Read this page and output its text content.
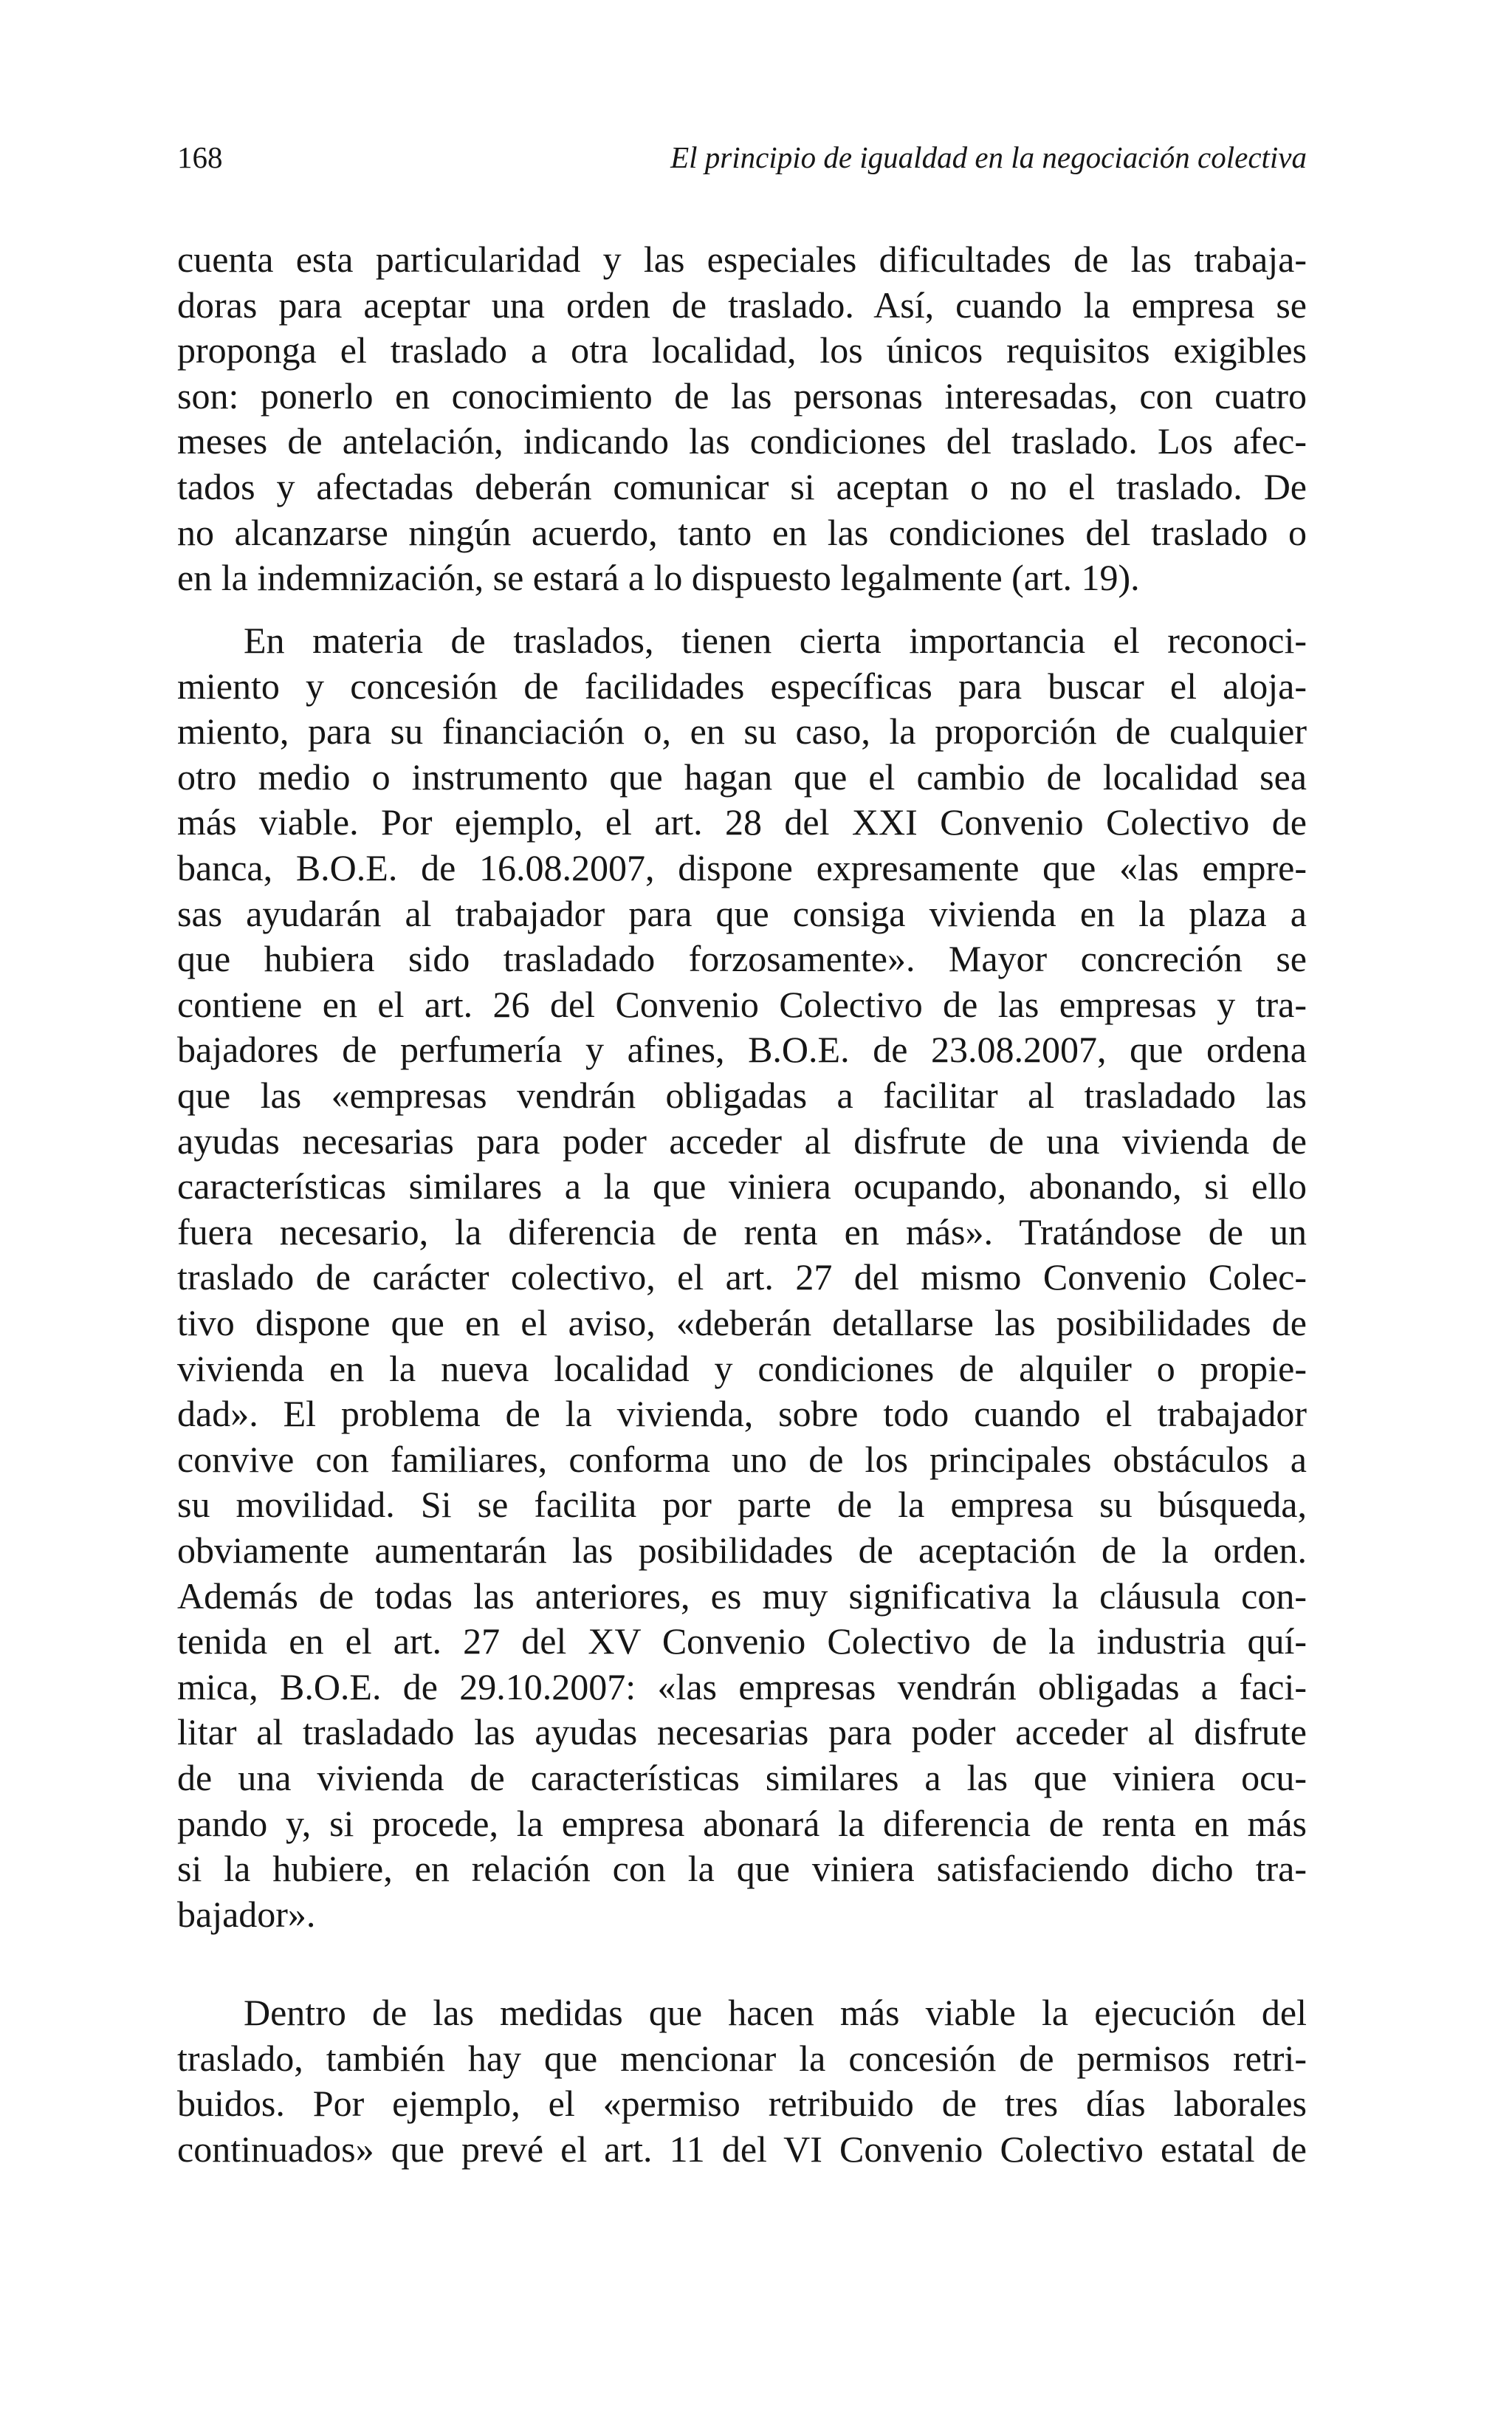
168	El principio de igualdad en la negociación colectiva
cuenta esta particularidad y las especiales dificultades de las trabaja-
doras para aceptar una orden de traslado. Así, cuando la empresa se
proponga el traslado a otra localidad, los únicos requisitos exigibles
son: ponerlo en conocimiento de las personas interesadas, con cuatro
meses de antelación, indicando las condiciones del traslado. Los afec-
tados y afectadas deberán comunicar si aceptan o no el traslado. De
no alcanzarse ningún acuerdo, tanto en las condiciones del traslado o
en la indemnización, se estará a lo dispuesto legalmente (art. 19).
En materia de traslados, tienen cierta importancia el reconoci-
miento y concesión de facilidades específicas para buscar el aloja-
miento, para su financiación o, en su caso, la proporción de cualquier
otro medio o instrumento que hagan que el cambio de localidad sea
más viable. Por ejemplo, el art. 28 del XXI Convenio Colectivo de
banca, B.O.E. de 16.08.2007, dispone expresamente que «las empre-
sas ayudarán al trabajador para que consiga vivienda en la plaza a
que hubiera sido trasladado forzosamente». Mayor concreción se
contiene en el art. 26 del Convenio Colectivo de las empresas y tra-
bajadores de perfumería y afines, B.O.E. de 23.08.2007, que ordena
que las «empresas vendrán obligadas a facilitar al trasladado las
ayudas necesarias para poder acceder al disfrute de una vivienda de
características similares a la que viniera ocupando, abonando, si ello
fuera necesario, la diferencia de renta en más». Tratándose de un
traslado de carácter colectivo, el art. 27 del mismo Convenio Colec-
tivo dispone que en el aviso, «deberán detallarse las posibilidades de
vivienda en la nueva localidad y condiciones de alquiler o propie-
dad». El problema de la vivienda, sobre todo cuando el trabajador
convive con familiares, conforma uno de los principales obstáculos a
su movilidad. Si se facilita por parte de la empresa su búsqueda,
obviamente aumentarán las posibilidades de aceptación de la orden.
Además de todas las anteriores, es muy significativa la cláusula con-
tenida en el art. 27 del XV Convenio Colectivo de la industria quí-
mica, B.O.E. de 29.10.2007: «las empresas vendrán obligadas a faci-
litar al trasladado las ayudas necesarias para poder acceder al disfrute
de una vivienda de características similares a las que viniera ocu-
pando y, si procede, la empresa abonará la diferencia de renta en más
si la hubiere, en relación con la que viniera satisfaciendo dicho tra-
bajador».
Dentro de las medidas que hacen más viable la ejecución del
traslado, también hay que mencionar la concesión de permisos retri-
buidos. Por ejemplo, el «permiso retribuido de tres días laborales
continuados» que prevé el art. 11 del VI Convenio Colectivo estatal de
